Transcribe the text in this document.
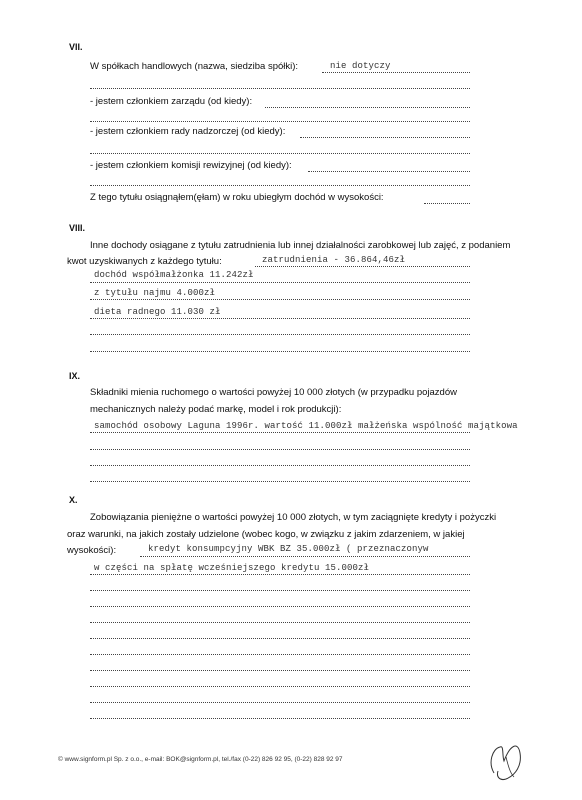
VII.
W spółkach handlowych (nazwa, siedziba spółki):	nie dotyczy
- jestem członkiem zarządu (od kiedy):
- jestem członkiem rady nadzorczej (od kiedy):
- jestem członkiem komisji rewizyjnej (od kiedy):
Z tego tytułu osiągnąłem(ęłam) w roku ubiegłym dochód w wysokości:
VIII.
Inne dochody osiągane z tytułu zatrudnienia lub innej działalności zarobkowej lub zajęć, z podaniem
kwot uzyskiwanych z każdego tytułu:	zatrudnienia - 36.864,46zł
dochód współmałżonka 11.242zł
z tytułu najmu 4.000zł
dieta radnego 11.030 zł
IX.
Składniki mienia ruchomego o wartości powyżej 10 000 złotych (w przypadku pojazdów
mechanicznych należy podać markę, model i rok produkcji):
samochód osobowy Laguna 1996r. wartość 11.000zł małżeńska wspólność majątkowa
X.
Zobowiązania pieniężne o wartości powyżej 10 000 złotych, w tym zaciągnięte kredyty i pożyczki
oraz warunki, na jakich zostały udzielone (wobec kogo, w związku z jakim zdarzeniem, w jakiej
wysokości):	kredyt konsumpcyjny WBK BZ 35.000zł ( przeznaczonyw
w części na spłatę wcześniejszego kredytu 15.000zł
© www.signform.pl Sp. z o.o., e-mail: BOK@signform.pl, tel./fax (0-22) 826 92 95, (0-22) 828 92 97
